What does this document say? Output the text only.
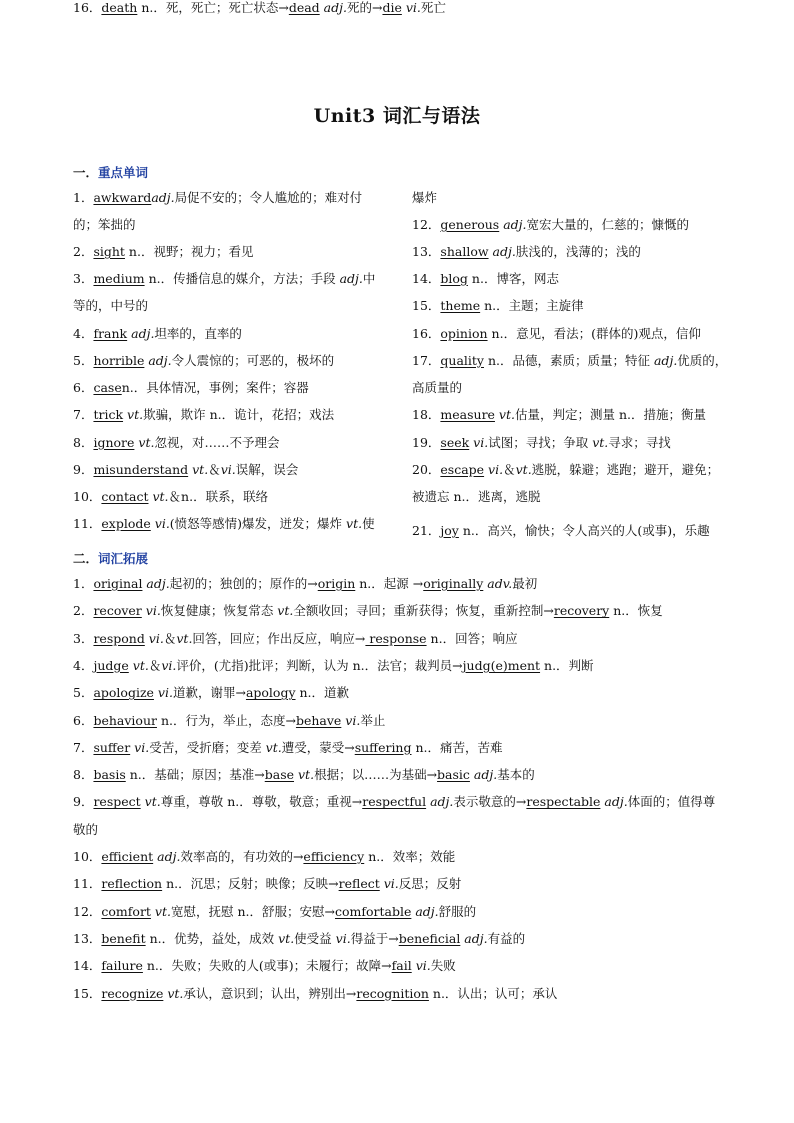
Unit3 词汇与语法
一．重点单词
1．awkwardadj.局促不安的；令人尴尬的；难对付
的；笨拙的
2．sight n.．视野；视力；看见
3．medium n.．传播信息的媒介，方法；手段 adj.中
等的，中号的
4．frank adj.坦率的，直率的
5．horrible adj.令人震惊的；可恶的，极坏的
6．casen.．具体情况，事例；案件；容器
7．trick vt.欺骗，欺诈 n.．诡计，花招；戏法
8．ignore vt.忽视，对……不予理会
9．misunderstand vt.＆vi.误解，误会
10．contact vt.＆n.．联系，联络
11．explode vi.(愤怒等感情)爆发，迸发；爆炸 vt.使
爆炸
12．generous adj.宽宏大量的，仁慈的；慷慨的
13．shallow adj.肤浅的，浅薄的；浅的
14．blog n.．博客，网志
15．theme n.．主题；主旋律
16．opinion n.．意见，看法；(群体的)观点，信仰
17．quality n.．品德，素质；质量；特征 adj.优质的，
高质量的
18．measure vt.估量，判定；测量 n.．措施；衡量
19．seek vi.试图；寻找；争取 vt.寻求；寻找
20．escape vi.＆vt.逃脱，躲避；逃跑；避开，避免；
被遗忘 n.．逃离，逃脱
21．joy n.．高兴，愉快；令人高兴的人(或事)，乐趣
二．词汇拓展
1．original adj.起初的；独创的；原作的→origin n.．起源 →originally adv.最初
2．recover vi.恢复健康；恢复常态 vt.全额收回；寻回；重新获得；恢复，重新控制→recovery n.．恢复
3．respond vi.＆vt.回答，回应；作出反应，响应→ response n.．回答；响应
4．judge vt.＆vi.评价，(尤指)批评；判断，认为 n.．法官；裁判员→judg(e)ment n.．判断
5．apologize vi.道歉，谢罪→apology n.．道歉
6．behaviour n.．行为，举止，态度→behave vi.举止
7．suffer vi.受苦，受折磨；变差 vt.遭受，蒙受→suffering n.．痛苦，苦难
8．basis n.．基础；原因；基准→base vt.根据；以……为基础→basic adj.基本的
9．respect vt.尊重，尊敬 n.．尊敬，敬意；重视→respectful adj.表示敬意的→respectable adj.体面的；值得尊
敬的
10．efficient adj.效率高的，有功效的→efficiency n.．效率；效能
11．reflection n.．沉思；反射；映像；反映→reflect vi.反思；反射
12．comfort vt.宽慰，抚慰 n.．舒服；安慰→comfortable adj.舒服的
13．benefit n.．优势，益处，成效 vt.使受益 vi.得益于→beneficial adj.有益的
14．failure n.．失败；失败的人(或事)；未履行；故障→fail vi.失败
15．recognize vt.承认，意识到；认出，辨别出→recognition n.．认出；认可；承认
16．death n.．死，死亡；死亡状态→dead adj.死的→die vi.死亡
